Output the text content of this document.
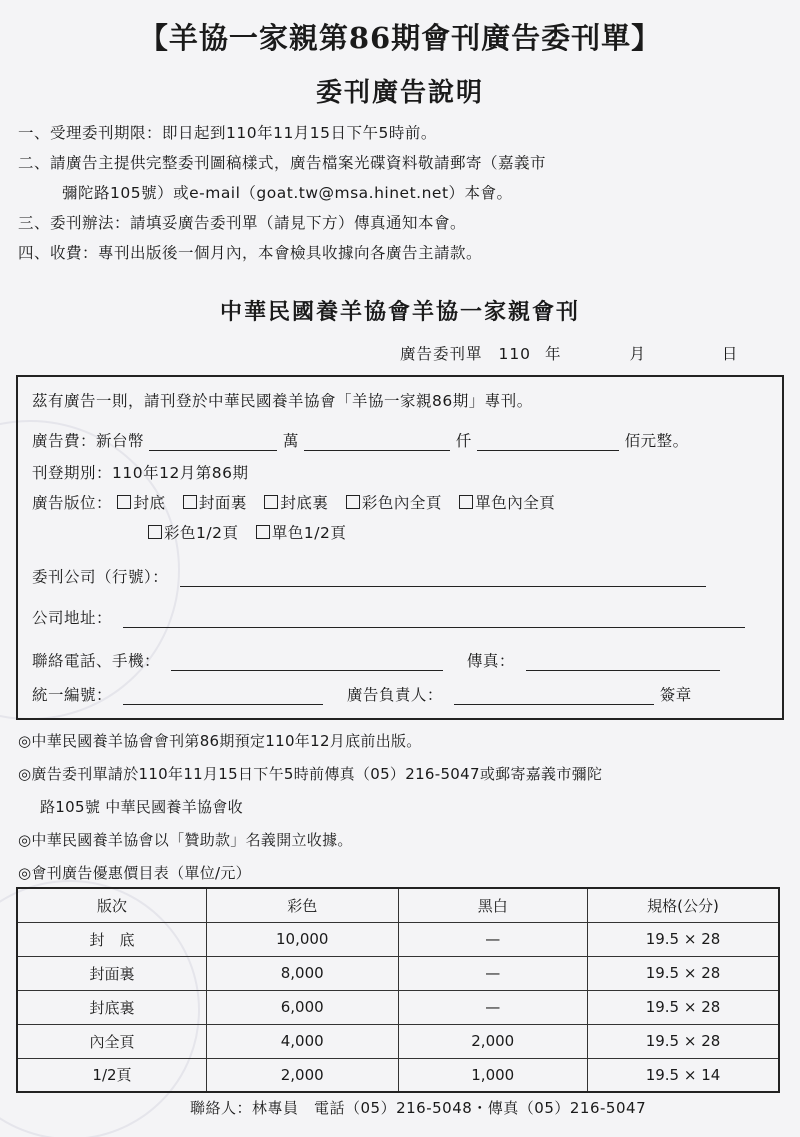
【羊協一家親第86期會刊廣告委刊單】
委刊廣告說明
一、受理委刊期限：即日起到110年11月15日下午5時前。
二、請廣告主提供完整委刊圖稿樣式，廣告檔案光碟資料敬請郵寄（嘉義市
彌陀路105號）或e-mail（goat.tw@msa.hinet.net）本會。
三、委刊辦法：請填妥廣告委刊單（請見下方）傳真通知本會。
四、收費：專刊出版後一個月內，本會檢具收據向各廣告主請款。
中華民國養羊協會羊協一家親會刊
廣告委刊單 110 年	月	日
茲有廣告一則，請刊登於中華民國養羊協會「羊協一家親86期」專刊。
廣告費：新台幣	萬	仟	佰元整。
刊登期別：110年12月第86期
廣告版位： 封底 封面裏 封底裏 彩色內全頁 單色內全頁
彩色1/2頁 單色1/2頁
委刊公司（行號）：
公司地址：
聯絡電話、手機：	傳真：
統一編號：	廣告負責人：	簽章
◎中華民國養羊協會會刊第86期預定110年12月底前出版。
◎廣告委刊單請於110年11月15日下午5時前傳真（05）216-5047或郵寄嘉義市彌陀
路105號 中華民國養羊協會收
◎中華民國養羊協會以「贊助款」名義開立收據。
◎會刊廣告優惠價目表（單位/元）
版次	彩色	黑白	規格(公分)
封　底	10,000	—	19.5 × 28
封面裏	8,000	—	19.5 × 28
封底裏	6,000	—	19.5 × 28
內全頁	4,000	2,000	19.5 × 28
1/2頁	2,000	1,000	19.5 × 14
聯絡人：林專員　電話（05）216-5048・傳真（05）216-5047
